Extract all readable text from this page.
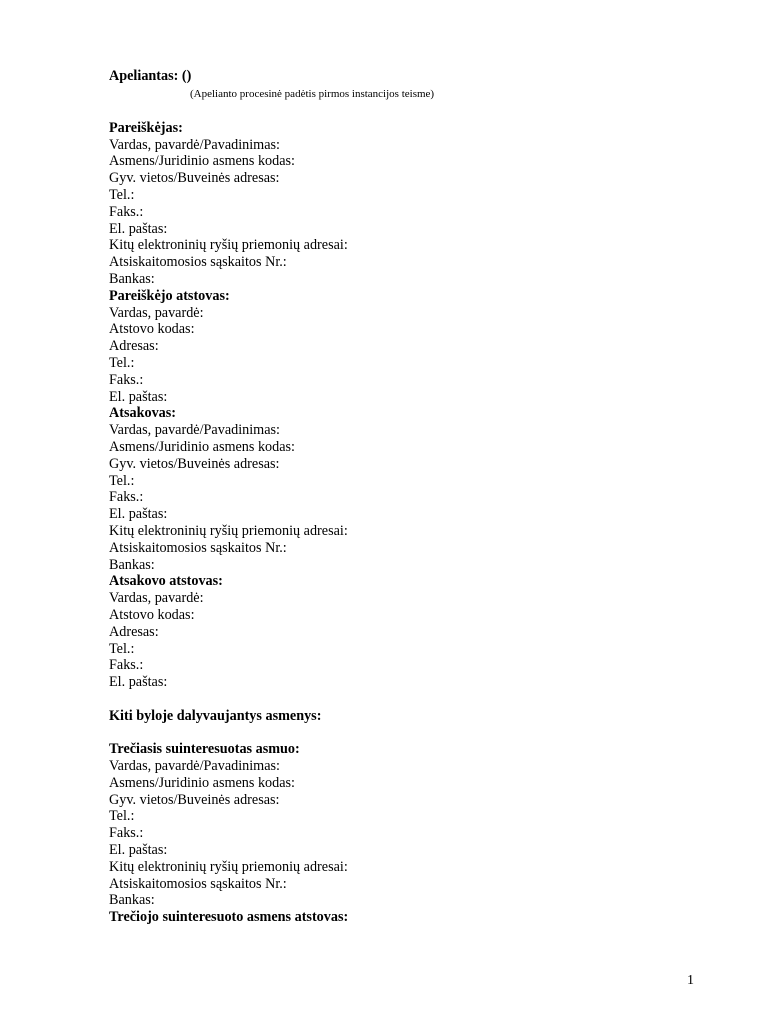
Apeliantas: ()
(Apelianto procesinė padėtis pirmos instancijos teisme)
Pareiškėjas:
Vardas, pavardė/Pavadinimas:
Asmens/Juridinio asmens kodas:
Gyv. vietos/Buveinės adresas:
Tel.:
Faks.:
El. paštas:
Kitų elektroninių ryšių priemonių adresai:
Atsiskaitomosios sąskaitos Nr.:
Bankas:
Pareiškėjo atstovas:
Vardas, pavardė:
Atstovo kodas:
Adresas:
Tel.:
Faks.:
El. paštas:
Atsakovas:
Vardas, pavardė/Pavadinimas:
Asmens/Juridinio asmens kodas:
Gyv. vietos/Buveinės adresas:
Tel.:
Faks.:
El. paštas:
Kitų elektroninių ryšių priemonių adresai:
Atsiskaitomosios sąskaitos Nr.:
Bankas:
Atsakovo atstovas:
Vardas, pavardė:
Atstovo kodas:
Adresas:
Tel.:
Faks.:
El. paštas:
Kiti byloje dalyvaujantys asmenys:
Trečiasis suinteresuotas asmuo:
Vardas, pavardė/Pavadinimas:
Asmens/Juridinio asmens kodas:
Gyv. vietos/Buveinės adresas:
Tel.:
Faks.:
El. paštas:
Kitų elektroninių ryšių priemonių adresai:
Atsiskaitomosios sąskaitos Nr.:
Bankas:
Trečiojo suinteresuoto asmens atstovas:
1
